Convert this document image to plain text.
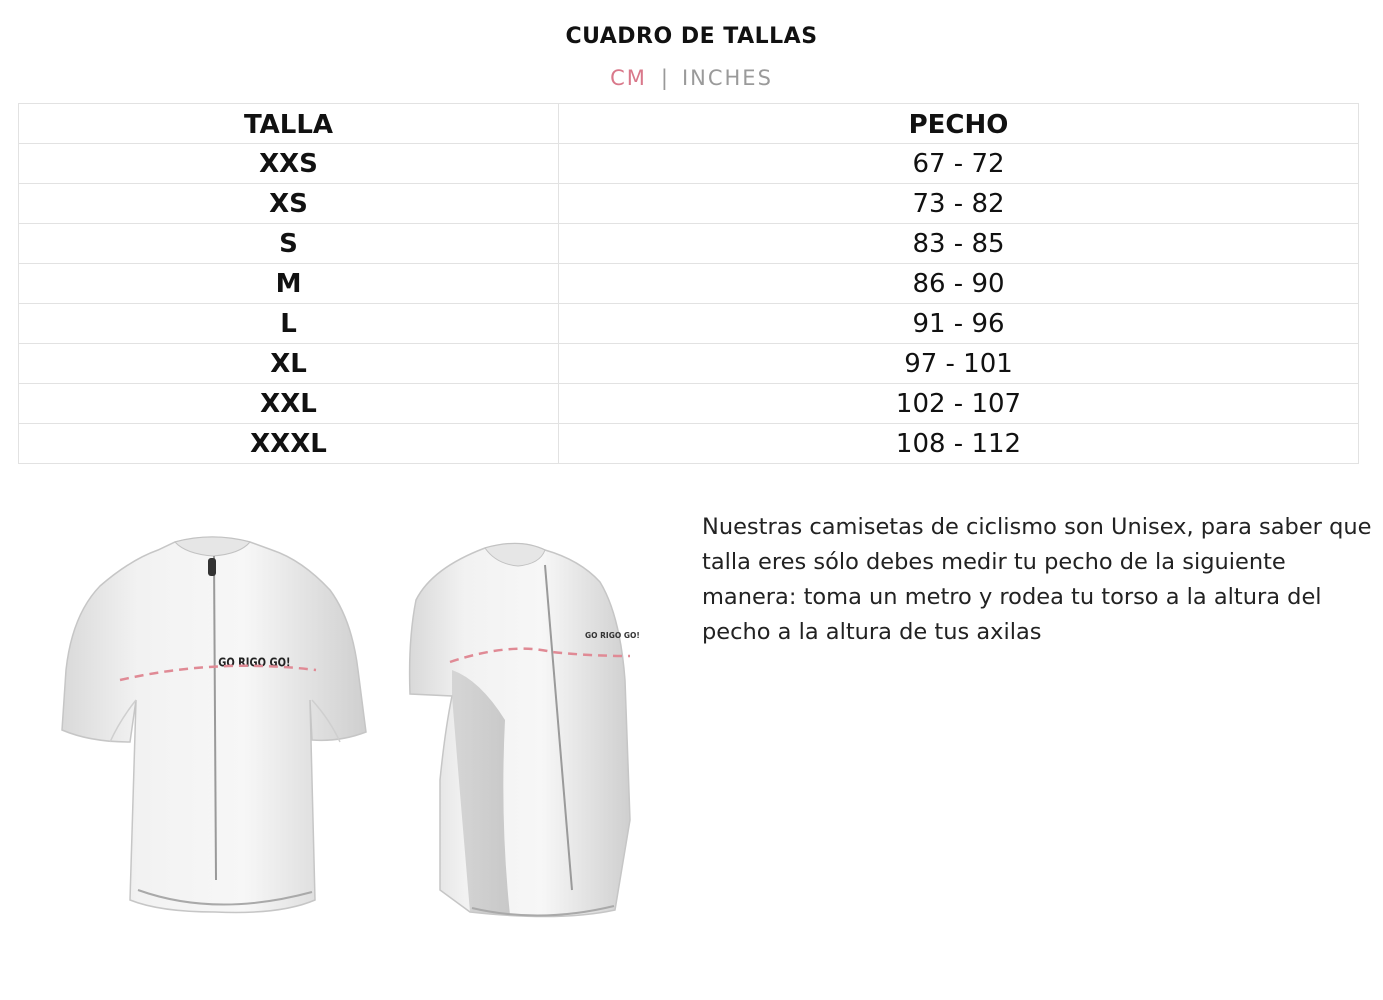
CUADRO DE TALLAS
CM | INCHES
TALLA	PECHO
XXS	67 - 72
XS	73 - 82
S	83 - 85
M	86 - 90
L	91 - 96
XL	97 - 101
XXL	102 - 107
XXXL	108 - 112
GO RIGO GO!
GO RIGO GO!

Nuestras camisetas de ciclismo son Unisex, para saber que talla eres sólo debes medir tu pecho de la siguiente manera: toma un metro y rodea tu torso a la altura del pecho a la altura de tus axilas
